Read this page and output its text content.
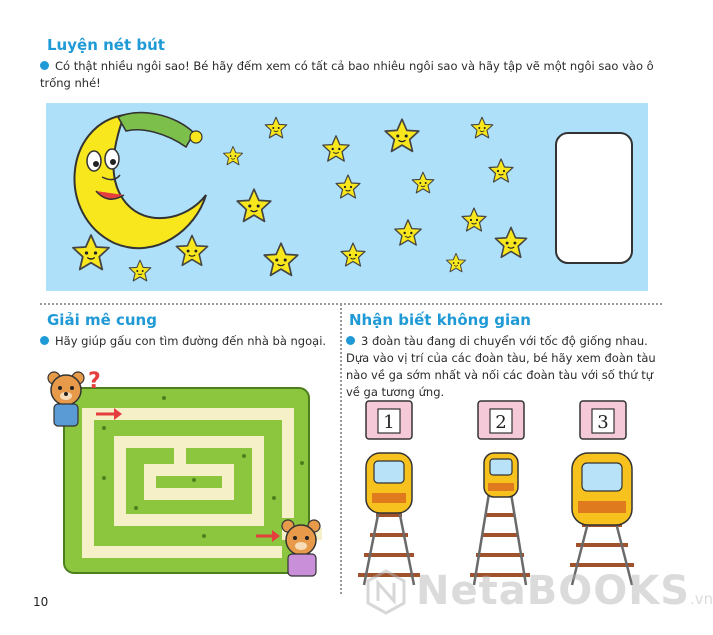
Luyện nét bút
Có thật nhiều ngôi sao! Bé hãy đếm xem có tất cả bao nhiêu ngôi sao và hãy tập vẽ một ngôi sao vào ô trống nhé!
Giải mê cung
Hãy giúp gấu con tìm đường đến nhà bà ngoại.
?
Nhận biết không gian
3 đoàn tàu đang di chuyển với tốc độ giống nhau. Dựa vào vị trí của các đoàn tàu, bé hãy xem đoàn tàu nào về ga sớm nhất và nối các đoàn tàu với số thứ tự về ga tương ứng.
1	2	3
10	NetaBOOKS.vn
